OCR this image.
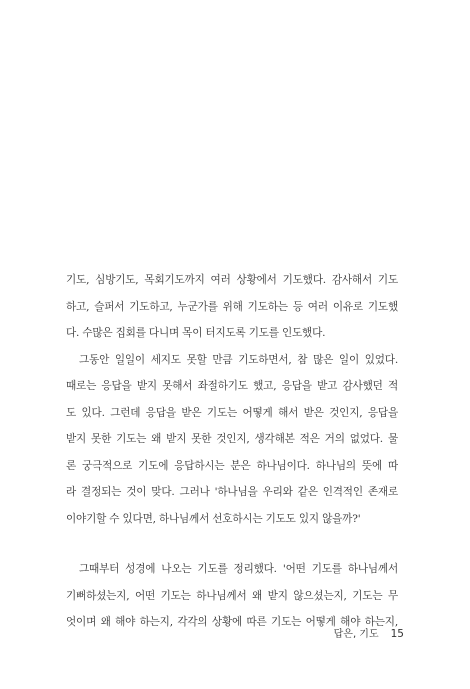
기도, 심방기도, 목회기도까지 여러 상황에서 기도했다. 감사해서 기도
하고, 슬퍼서 기도하고, 누군가를 위해 기도하는 등 여러 이유로 기도했
다. 수많은 집회를 다니며 목이 터지도록 기도를 인도했다.

그동안 일일이 세지도 못할 만큼 기도하면서, 참 많은 일이 있었다.
때로는 응답을 받지 못해서 좌절하기도 했고, 응답을 받고 감사했던 적
도 있다. 그런데 응답을 받은 기도는 어떻게 해서 받은 것인지, 응답을
받지 못한 기도는 왜 받지 못한 것인지, 생각해본 적은 거의 없었다. 물
론 궁극적으로 기도에 응답하시는 분은 하나님이다. 하나님의 뜻에 따
라 결정되는 것이 맞다. 그러나 '하나님을 우리와 같은 인격적인 존재로
이야기할 수 있다면, 하나님께서 선호하시는 기도도 있지 않을까?'

그때부터 성경에 나오는 기도를 정리했다. '어떤 기도를 하나님께서
기뻐하셨는지, 어떤 기도는 하나님께서 왜 받지 않으셨는지, 기도는 무
엇이며 왜 해야 하는지, 각각의 상황에 따른 기도는 어떻게 해야 하는지,

답은, 기도 15
